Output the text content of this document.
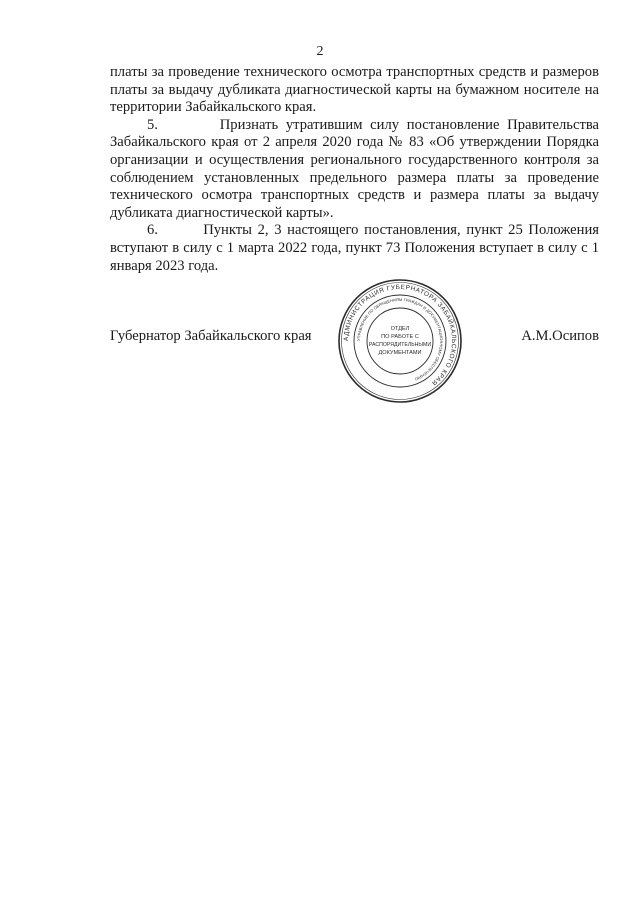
2

платы за проведение технического осмотра транспортных средств и размеров платы за выдачу дубликата диагностической карты на бумажном носителе на территории Забайкальского края.

5.        Признать утратившим силу постановление Правительства Забайкальского края от 2 апреля 2020 года № 83 «Об утверждении Порядка организации и осуществления регионального государственного контроля за соблюдением установленных предельного размера платы за проведение технического осмотра транспортных средств и размера платы за выдачу дубликата диагностической карты».

6.        Пункты 2, 3 настоящего постановления, пункт 25 Положения вступают в силу с 1 марта 2022 года, пункт 73 Положения вступает в силу с 1 января 2023 года.

Губернатор Забайкальского края	А.М.Осипов
АДМИНИСТРАЦИЯ ГУБЕРНАТОРА ЗАБАЙКАЛЬСКОГО КРАЯ
УПРАВЛЕНИЕ ПО ОБРАЩЕНИЯМ ГРАЖДАН И ДОКУМЕНТАЦИОННОМУ ОБЕСПЕЧЕНИЮ
ОТДЕЛ
ПО РАБОТЕ С
РАСПОРЯДИТЕЛЬНЫМИ
ДОКУМЕНТАМИ
